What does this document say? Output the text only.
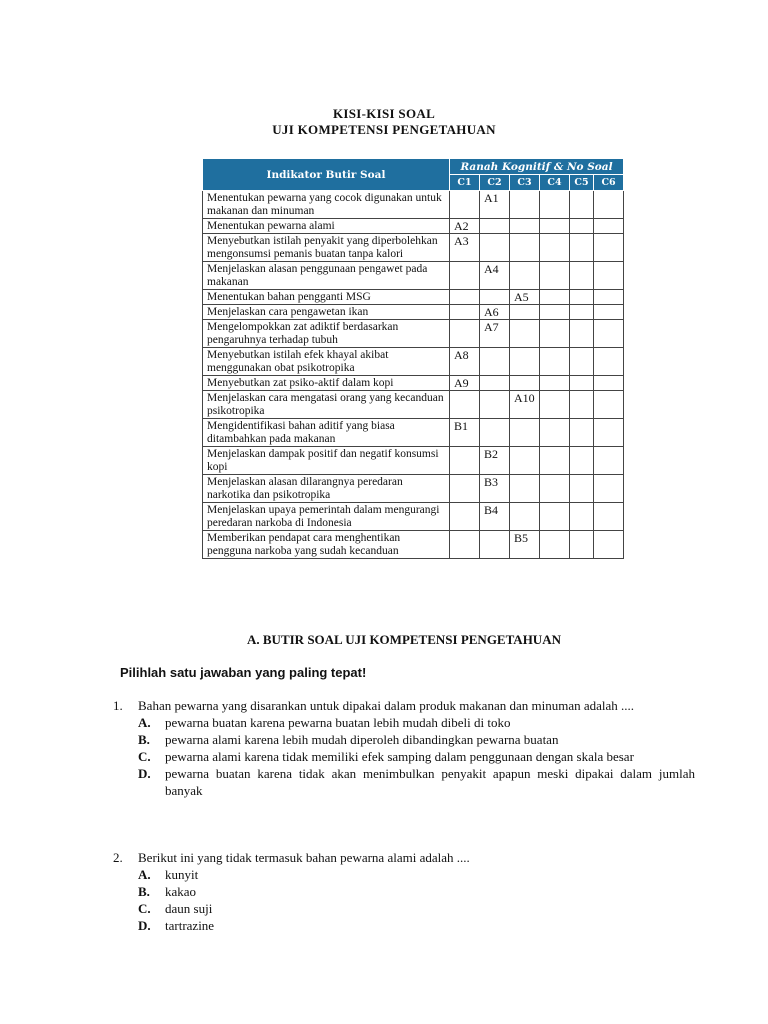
KISI-KISI SOAL
UJI KOMPETENSI PENGETAHUAN
Indikator Butir Soal	Ranah Kognitif & No Soal					
	C1	C2	C3	C4	C5	C6
Menentukan pewarna yang cocok digunakan untuk makanan dan minuman		A1				
Menentukan pewarna alami	A2					
Menyebutkan istilah penyakit yang diperbolehkan mengonsumsi pemanis buatan tanpa kalori	A3					
Menjelaskan alasan penggunaan pengawet pada makanan		A4				
Menentukan bahan pengganti MSG			A5			
Menjelaskan cara pengawetan ikan		A6				
Mengelompokkan zat adiktif berdasarkan pengaruhnya terhadap tubuh		A7				
Menyebutkan istilah efek khayal akibat menggunakan obat psikotropika	A8					
Menyebutkan zat psiko-aktif dalam kopi	A9					
Menjelaskan cara mengatasi orang yang kecanduan psikotropika			A10			
Mengidentifikasi bahan aditif yang biasa ditambahkan pada makanan	B1					
Menjelaskan dampak positif dan negatif konsumsi kopi		B2				
Menjelaskan alasan dilarangnya peredaran narkotika dan psikotropika		B3				
Menjelaskan upaya pemerintah dalam mengurangi peredaran narkoba di Indonesia		B4				
Memberikan pendapat cara menghentikan pengguna narkoba yang sudah kecanduan			B5			
A. BUTIR SOAL UJI KOMPETENSI PENGETAHUAN
Pilihlah satu jawaban yang paling tepat!
1. Bahan pewarna yang disarankan untuk dipakai dalam produk makanan dan minuman adalah ....
A. pewarna buatan karena pewarna buatan lebih mudah dibeli di toko
B. pewarna alami karena lebih mudah diperoleh dibandingkan pewarna buatan
C. pewarna alami karena tidak memiliki efek samping dalam penggunaan dengan skala besar
D. pewarna buatan karena tidak akan menimbulkan penyakit apapun meski dipakai dalam jumlah banyak
2. Berikut ini yang tidak termasuk bahan pewarna alami adalah ....
A. kunyit
B. kakao
C. daun suji
D. tartrazine
